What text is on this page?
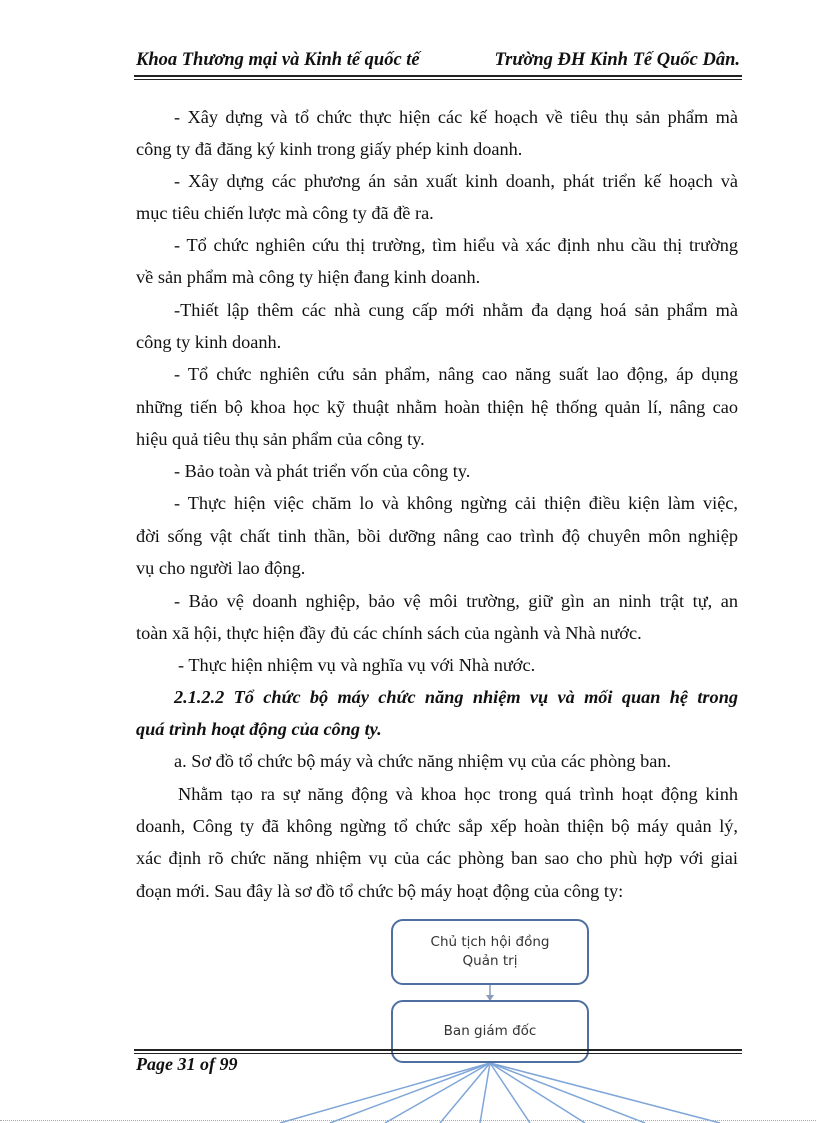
Khoa Thương mại và Kinh tế quốc tế	Trường ĐH Kinh Tế Quốc Dân.
- Xây dựng và tổ chức thực hiện các kế hoạch về tiêu thụ sản phẩm mà
công ty đã đăng ký kinh trong giấy phép kinh doanh.
- Xây dựng các phương án sản xuất kinh doanh, phát triển kế hoạch và
mục tiêu chiến lược mà công ty đã đề ra.
- Tổ chức nghiên cứu thị trường, tìm hiểu và xác định nhu cầu thị trường
về sản phẩm mà công ty hiện đang kinh doanh.
-Thiết lập thêm các nhà cung cấp mới nhằm đa dạng hoá sản phẩm mà
công ty kinh doanh.
- Tổ chức nghiên cứu sản phẩm, nâng cao năng suất lao động, áp dụng
những tiến bộ khoa học kỹ thuật nhằm hoàn thiện hệ thống quản lí, nâng cao
hiệu quả tiêu thụ sản phẩm của công ty.
- Bảo toàn và phát triển vốn của công ty.
- Thực hiện việc chăm lo và không ngừng cải thiện điều kiện làm việc,
đời sống vật chất tinh thần, bồi dưỡng nâng cao trình độ chuyên môn nghiệp
vụ cho người lao động.
- Bảo vệ doanh nghiệp, bảo vệ môi trường, giữ gìn an ninh trật tự, an
toàn xã hội, thực hiện đầy đủ các chính sách của ngành và Nhà nước.
- Thực hiện nhiệm vụ và nghĩa vụ với Nhà nước.
2.1.2.2 Tổ chức bộ máy chức năng nhiệm vụ và mối quan hệ trong
quá trình hoạt động của công ty.
a. Sơ đồ tổ chức bộ máy và chức năng nhiệm vụ của các phòng ban.
Nhằm tạo ra sự năng động và khoa học trong quá trình hoạt động kinh
doanh, Công ty đã không ngừng tổ chức sắp xếp hoàn thiện bộ máy quản lý,
xác định rõ chức năng nhiệm vụ của các phòng ban sao cho phù hợp với giai
đoạn mới. Sau đây là sơ đồ tổ chức bộ máy hoạt động của công ty:
Chủ tịch hội đồng
Quản trị
Ban giám đốc
Page 31 of 99
